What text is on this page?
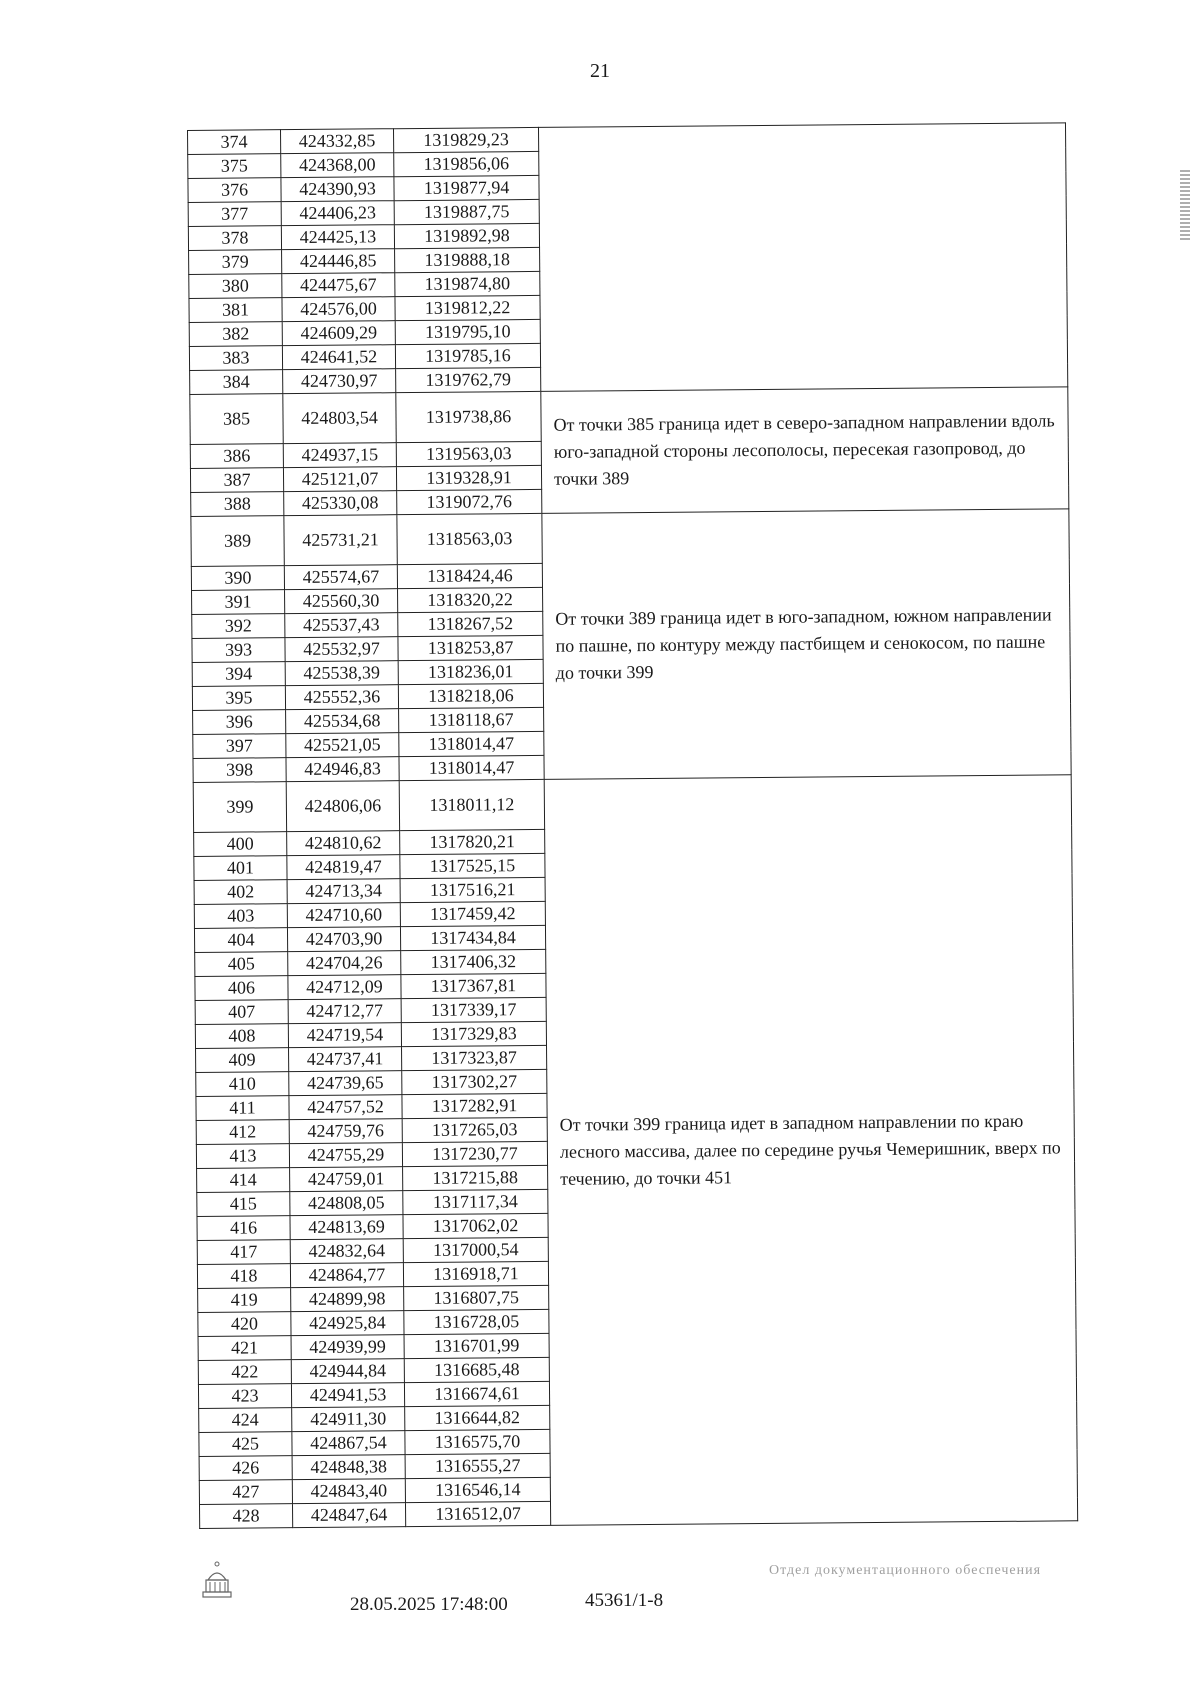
21
374	424332,85	1319829,23	
375	424368,00	1319856,06	
376	424390,93	1319877,94	
377	424406,23	1319887,75	
378	424425,13	1319892,98	
379	424446,85	1319888,18	
380	424475,67	1319874,80	
381	424576,00	1319812,22	
382	424609,29	1319795,10	
383	424641,52	1319785,16	
384	424730,97	1319762,79	
385	424803,54	1319738,86	От точки 385 граница идет в северо-западном направлении вдоль юго-западной стороны лесополосы, пересекая газопровод, до точки 389
386	424937,15	1319563,03	
387	425121,07	1319328,91	
388	425330,08	1319072,76	
389	425731,21	1318563,03	От точки 389 граница идет в юго-западном, южном направлении по пашне, по контуру между пастбищем и сенокосом, по пашне до точки 399
390	425574,67	1318424,46	
391	425560,30	1318320,22	
392	425537,43	1318267,52	
393	425532,97	1318253,87	
394	425538,39	1318236,01	
395	425552,36	1318218,06	
396	425534,68	1318118,67	
397	425521,05	1318014,47	
398	424946,83	1318014,47	
399	424806,06	1318011,12	От точки 399 граница идет в западном направлении по краю лесного массива, далее по середине ручья Чемеришник, вверх по течению, до точки 451
400	424810,62	1317820,21	
401	424819,47	1317525,15	
402	424713,34	1317516,21	
403	424710,60	1317459,42	
404	424703,90	1317434,84	
405	424704,26	1317406,32	
406	424712,09	1317367,81	
407	424712,77	1317339,17	
408	424719,54	1317329,83	
409	424737,41	1317323,87	
410	424739,65	1317302,27	
411	424757,52	1317282,91	
412	424759,76	1317265,03	
413	424755,29	1317230,77	
414	424759,01	1317215,88	
415	424808,05	1317117,34	
416	424813,69	1317062,02	
417	424832,64	1317000,54	
418	424864,77	1316918,71	
419	424899,98	1316807,75	
420	424925,84	1316728,05	
421	424939,99	1316701,99	
422	424944,84	1316685,48	
423	424941,53	1316674,61	
424	424911,30	1316644,82	
425	424867,54	1316575,70	
426	424848,38	1316555,27	
427	424843,40	1316546,14	
428	424847,64	1316512,07	
28.05.2025 17:48:00	45361/1-8
Отдел документационного обеспечения
